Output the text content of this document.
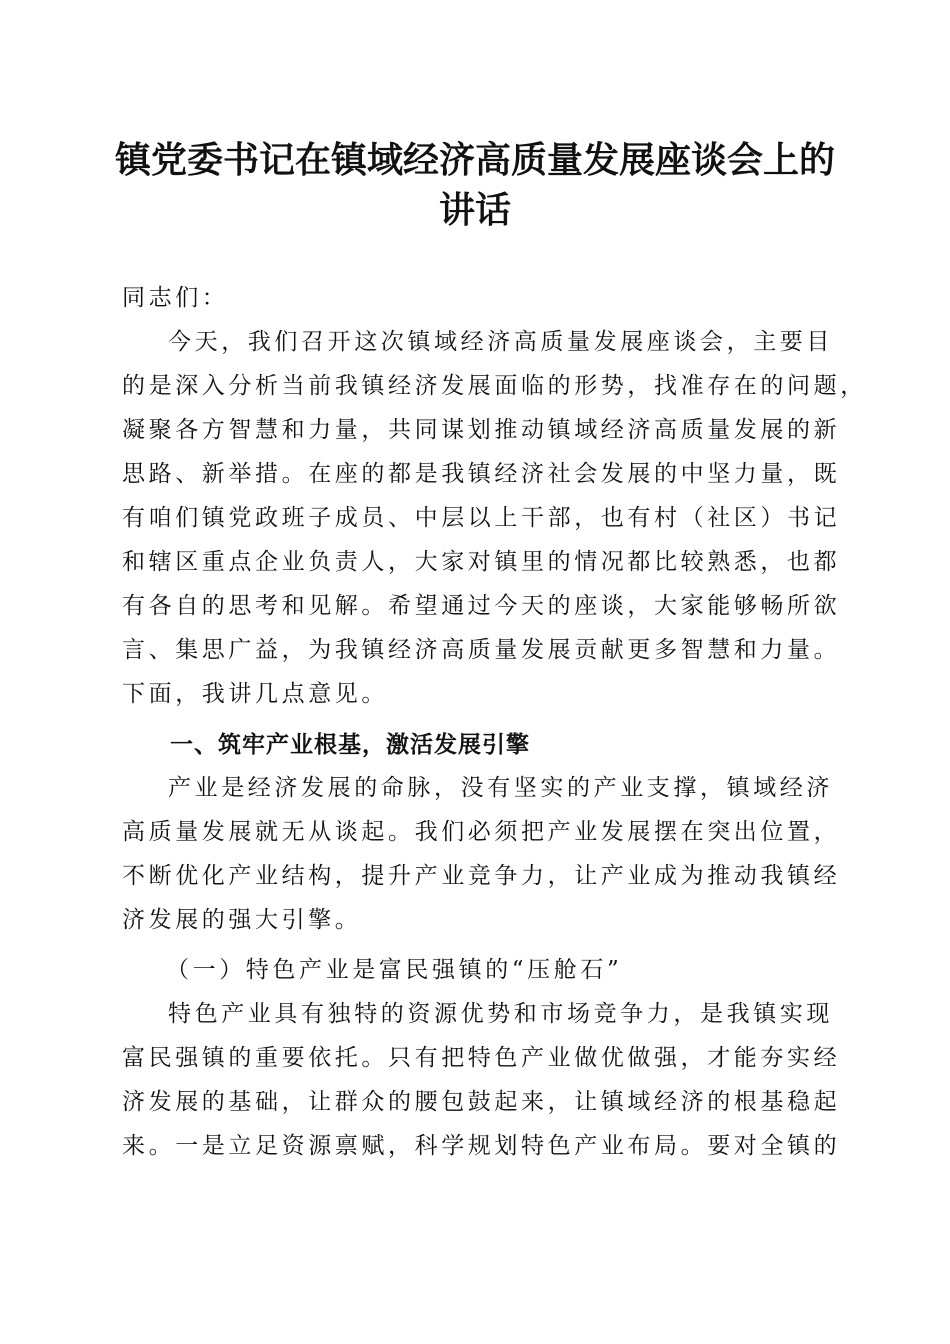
镇党委书记在镇域经济高质量发展座谈会上的
讲话
同志们：
今天，我们召开这次镇域经济高质量发展座谈会，主要目
的是深入分析当前我镇经济发展面临的形势，找准存在的问题，
凝聚各方智慧和力量，共同谋划推动镇域经济高质量发展的新
思路、新举措。在座的都是我镇经济社会发展的中坚力量，既
有咱们镇党政班子成员、中层以上干部，也有村（社区）书记
和辖区重点企业负责人，大家对镇里的情况都比较熟悉，也都
有各自的思考和见解。希望通过今天的座谈，大家能够畅所欲
言、集思广益，为我镇经济高质量发展贡献更多智慧和力量。
下面，我讲几点意见。
一、筑牢产业根基，激活发展引擎
产业是经济发展的命脉，没有坚实的产业支撑，镇域经济
高质量发展就无从谈起。我们必须把产业发展摆在突出位置，
不断优化产业结构，提升产业竞争力，让产业成为推动我镇经
济发展的强大引擎。
（一）特色产业是富民强镇的“压舱石”
特色产业具有独特的资源优势和市场竞争力，是我镇实现
富民强镇的重要依托。只有把特色产业做优做强，才能夯实经
济发展的基础，让群众的腰包鼓起来，让镇域经济的根基稳起
来。一是立足资源禀赋，科学规划特色产业布局。要对全镇的
